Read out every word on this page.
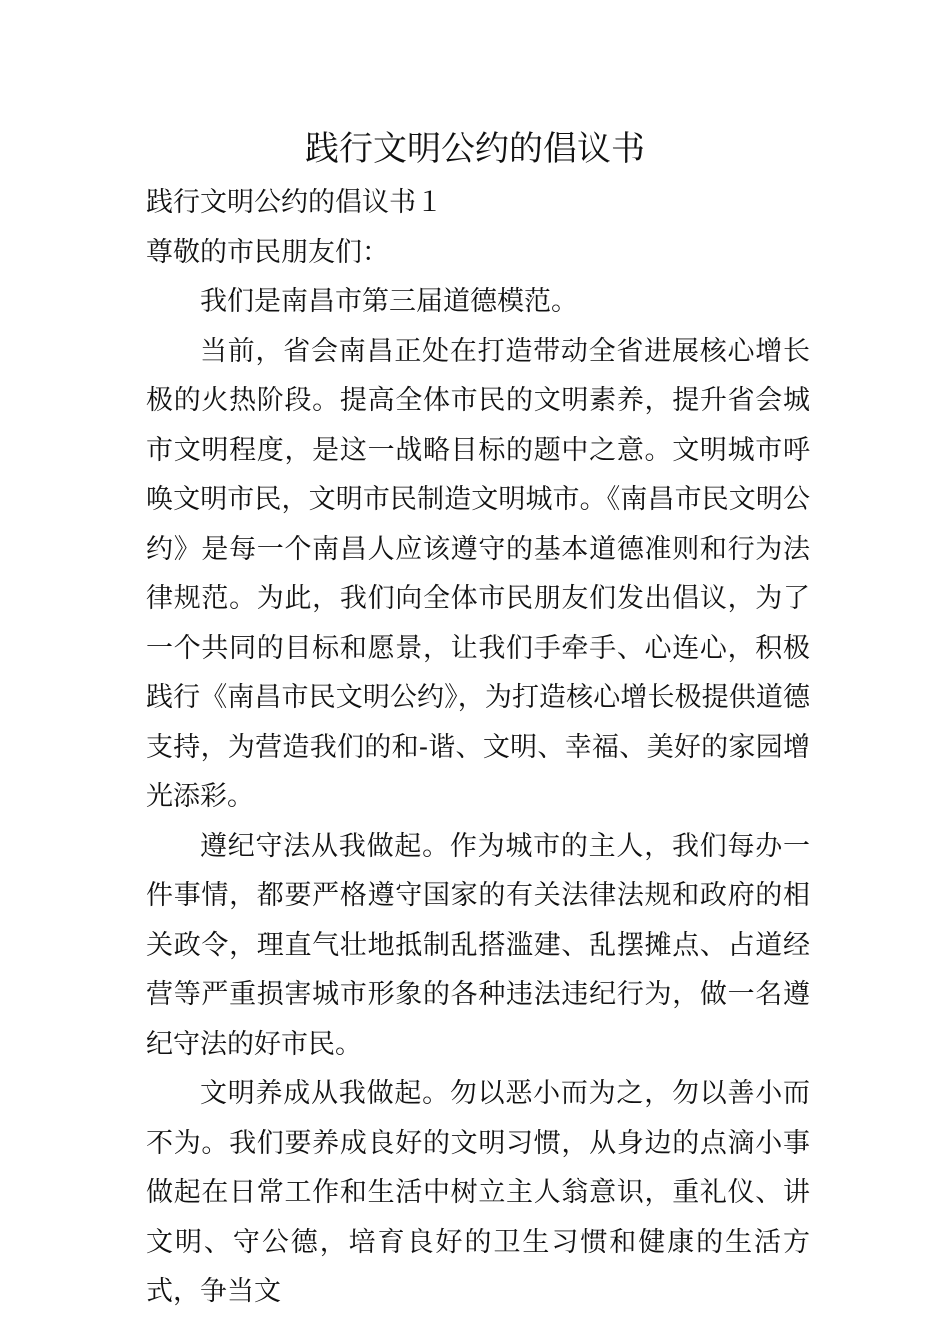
践行文明公约的倡议书

践行文明公约的倡议书１

尊敬的市民朋友们：

我们是南昌市第三届道德模范。

当前，省会南昌正处在打造带动全省进展核心增长极的火热阶段。提高全体市民的文明素养，提升省会城市文明程度，是这一战略目标的题中之意。文明城市呼唤文明市民，文明市民制造文明城市。《南昌市民文明公约》是每一个南昌人应该遵守的基本道德准则和行为法律规范。为此，我们向全体市民朋友们发出倡议，为了一个共同的目标和愿景，让我们手牵手、心连心，积极践行《南昌市民文明公约》，为打造核心增长极提供道德支持，为营造我们的和-谐、文明、幸福、美好的家园增光添彩。

遵纪守法从我做起。作为城市的主人，我们每办一件事情，都要严格遵守国家的有关法律法规和政府的相关政令，理直气壮地抵制乱搭滥建、乱摆摊点、占道经营等严重损害城市形象的各种违法违纪行为，做一名遵纪守法的好市民。

文明养成从我做起。勿以恶小而为之，勿以善小而不为。我们要养成良好的文明习惯，从身边的点滴小事做起在日常工作和生活中树立主人翁意识，重礼仪、讲文明、守公德，培育良好的卫生习惯和健康的生活方式，争当文
